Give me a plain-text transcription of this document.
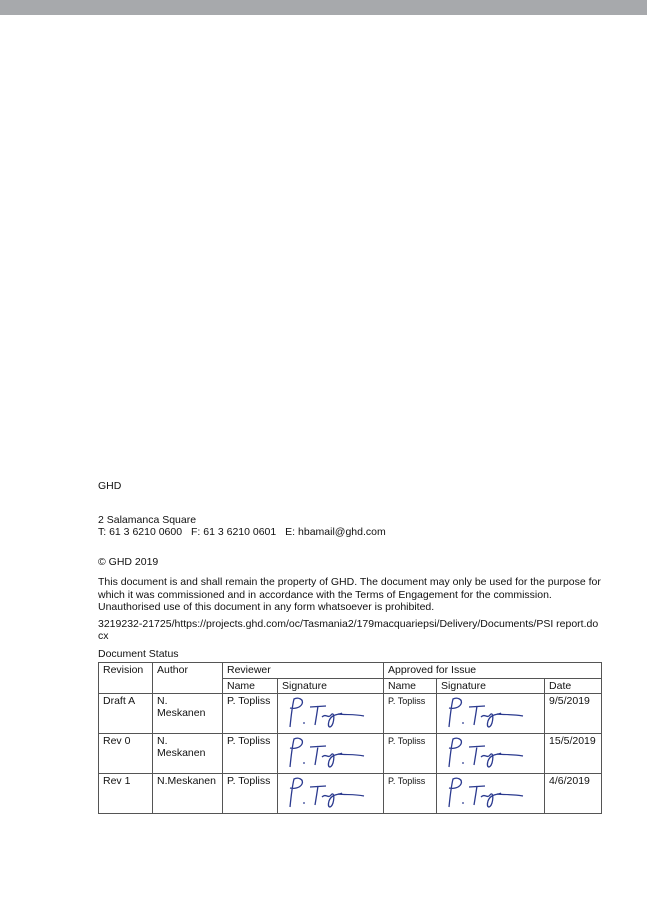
GHD
2 Salamanca Square
T: 61 3 6210 0600 F: 61 3 6210 0601 E: hbamail@ghd.com
© GHD 2019
This document is and shall remain the property of GHD. The document may only be used for the purpose for which it was commissioned and in accordance with the Terms of Engagement for the commission. Unauthorised use of this document in any form whatsoever is prohibited.
3219232-21725/https://projects.ghd.com/oc/Tasmania2/179macquariepsi/Delivery/Documents/PSI report.docx
Document Status
Revision	Author	Reviewer		Approved for Issue		
		Name	Signature	Name	Signature	Date
Draft A	N. Meskanen	P. Topliss		P. Topliss		9/5/2019
Rev 0	N. Meskanen	P. Topliss		P. Topliss		15/5/2019
Rev 1	N.Meskanen	P. Topliss		P. Topliss		4/6/2019
